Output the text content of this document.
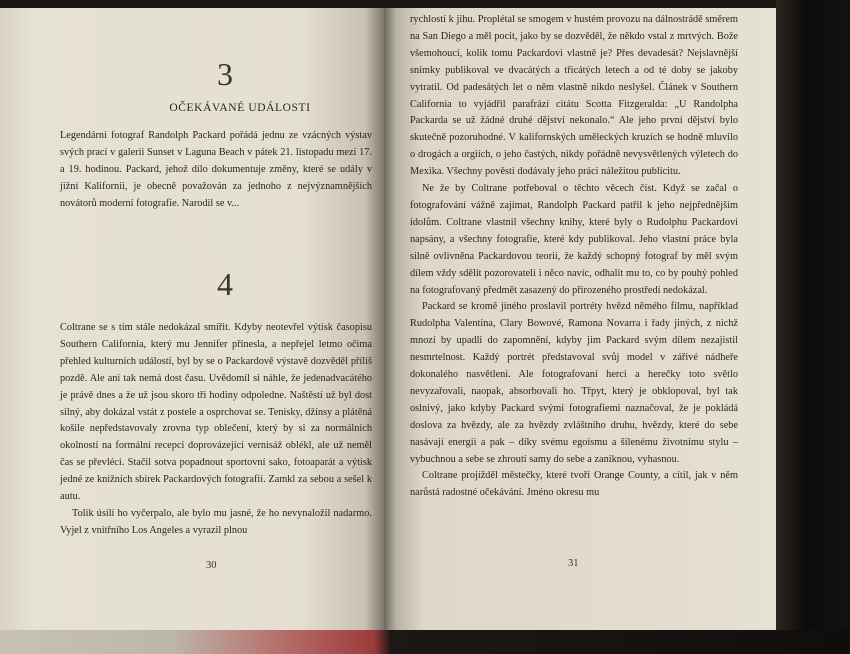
3
OČEKÁVANÉ UDÁLOSTI

Legendární fotograf Randolph Packard pořádá jednu ze vzácných výstav svých prací v galerii Sunset v Laguna Beach v pátek 21. listopadu mezi 17. a 19. hodinou. Packard, jehož dílo dokumentuje změny, které se udály v jižní Kalifornii, je obecně považován za jednoho z nejvýznamnějších novátorů moderní fotografie. Narodil se v...

4

Coltrane se s tím stále nedokázal smířit. Kdyby neotevřel výtisk časopisu Southern California, který mu Jennifer přinesla, a nepřejel letmo očima přehled kulturních událostí, byl by se o Packardově výstavě dozvěděl příliš pozdě. Ale ani tak nemá dost času. Uvědomil si náhle, že jedenadvacátého je právě dnes a že už jsou skoro tři hodiny odpoledne. Naštěstí už byl dost silný, aby dokázal vstát z postele a osprchovat se. Tenisky, džínsy a plátěná košile nepředstavovaly zrovna typ oblečení, který by si za normálních okolností na formální recepci doprovázející vernisáž oblékl, ale už neměl čas se převléci. Stačil sotva popadnout sportovní sako, fotoaparát a výtisk jedné ze knižních sbírek Packardových fotografií. Zamkl za sebou a sešel k autu.

Tolik úsilí ho vyčerpalo, ale bylo mu jasné, že ho nevynaložil nadarmo. Vyjel z vnitřního Los Angeles a vyrazil plnou

30

rychlostí k jihu. Proplétal se smogem v hustém provozu na dálnostrádě směrem na San Diego a měl pocit, jako by se dozvěděl, že někdo vstal z mrtvých. Bože všemohoucí, kolik tomu Packardovi vlastně je? Přes devadesát? Nejslavnější snímky publikoval ve dvacátých a třicátých letech a od té doby se jakoby vytratil. Od padesátých let o něm vlastně nikdo neslyšel. Článek v Southern California to vyjádřil parafrází citátu Scotta Fitzgeralda: „U Randolpha Packarda se už žádné druhé dějství nekonalo.“ Ale jeho první dějství bylo skutečně pozoruhodné. V kalifornských uměleckých kruzích se hodně mluvilo o drogách a orgiích, o jeho častých, nikdy pořádně nevysvětlených výletech do Mexika. Všechny pověsti dodávaly jeho práci náležitou publicitu.

Ne že by Coltrane potřeboval o těchto věcech číst. Když se začal o fotografování vážně zajímat, Randolph Packard patřil k jeho nejpřednějším idolům. Coltrane vlastnil všechny knihy, které byly o Rudolphu Packardovi napsány, a všechny fotografie, které kdy publikoval. Jeho vlastní práce byla silně ovlivněna Packardovou teorií, že každý schopný fotograf by měl svým dílem vždy sdělit pozorovateli i něco navíc, odhalit mu to, co by pouhý pohled na fotografovaný předmět zasazený do přirozeného prostředí nedokázal.

Packard se kromě jiného proslavil portréty hvězd němého filmu, například Rudolpha Valentina, Clary Bowové, Ramona Novarra i řady jiných, z nichž mnozí by upadli do zapomnění, kdyby jim Packard svým dílem nezajistil nesmrtelnost. Každý portrét představoval svůj model v zářivé nádheře dokonalého nasvětlení. Ale fotografovaní herci a herečky toto světlo nevyzařovali, naopak, absorbovali ho. Třpyt, který je obklopoval, byl tak oslnivý, jako kdyby Packard svými fotografiemi naznačoval, že je pokládá doslova za hvězdy, ale za hvězdy zvláštního druhu, hvězdy, které do sebe nasávají energii a pak – díky svému egoismu a šílenému životnímu stylu – vybuchnou a sebe se zhroutí samy do sebe a zaniknou, vyhasnou.

Coltrane projížděl městečky, které tvoří Orange County, a cítil, jak v něm narůstá radostné očekávání. Jméno okresu mu

31
